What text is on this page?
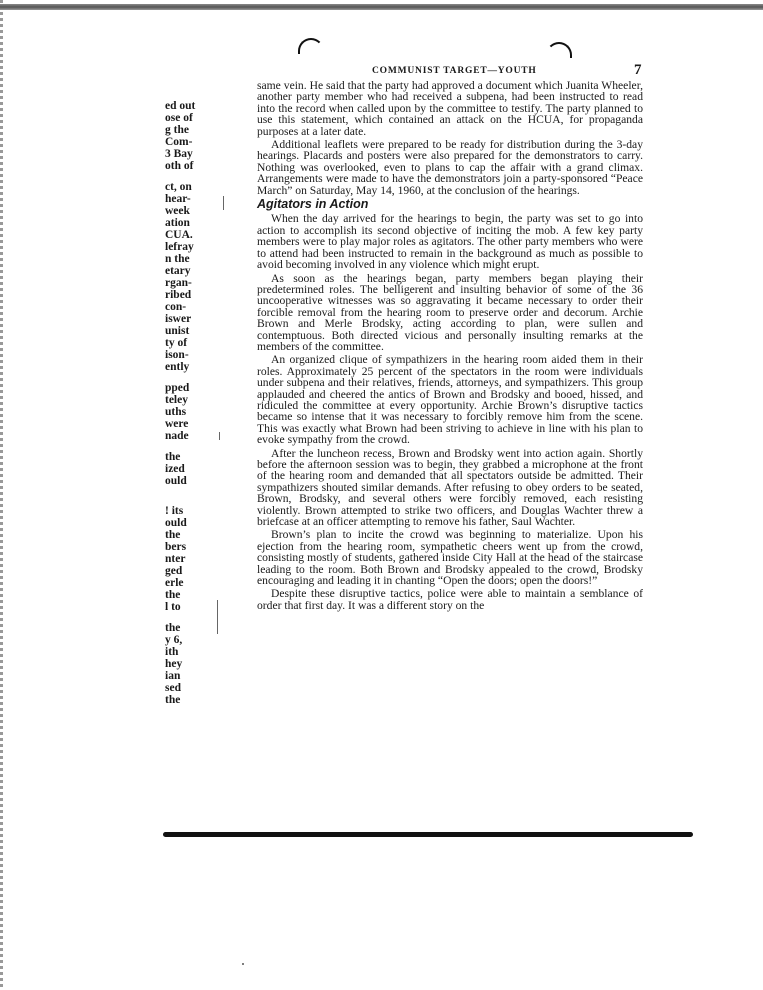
COMMUNIST TARGET—YOUTH	7
ed out
ose of
g the
Com-
3 Bay
oth of
ct, on
hear-
week
ation
CUA.
lefray
n the
etary
rgan-
ribed
con-
iswer
unist
ty of
ison-
ently
pped
teley
uths
were
nade
the
ized
ould
! its
ould
the
bers
nter
ged
erle
the
l to
the
y 6,
ith
hey
ian
sed
the

same vein. He said that the party had approved a document which Juanita Wheeler, another party member who had received a subpena, had been instructed to read into the record when called upon by the committee to testify. The party planned to use this statement, which contained an attack on the HCUA, for propaganda purposes at a later date.

Additional leaflets were prepared to be ready for distribution during the 3-day hearings. Placards and posters were also prepared for the demonstrators to carry. Nothing was overlooked, even to plans to cap the affair with a grand climax. Arrangements were made to have the demonstrators join a party-sponsored “Peace March” on Saturday, May 14, 1960, at the conclusion of the hearings.

Agitators in Action

When the day arrived for the hearings to begin, the party was set to go into action to accomplish its second objective of inciting the mob. A few key party members were to play major roles as agitators. The other party members who were to attend had been instructed to remain in the background as much as possible to avoid becoming involved in any violence which might erupt.

As soon as the hearings began, party members began playing their predetermined roles. The belligerent and insulting behavior of some of the 36 uncooperative witnesses was so aggravating it became necessary to order their forcible removal from the hearing room to preserve order and decorum. Archie Brown and Merle Brodsky, acting according to plan, were sullen and contemptuous. Both directed vicious and personally insulting remarks at the members of the committee.

An organized clique of sympathizers in the hearing room aided them in their roles. Approximately 25 percent of the spectators in the room were individuals under subpena and their relatives, friends, attorneys, and sympathizers. This group applauded and cheered the antics of Brown and Brodsky and booed, hissed, and ridiculed the committee at every opportunity. Archie Brown’s disruptive tactics became so intense that it was necessary to forcibly remove him from the scene. This was exactly what Brown had been striving to achieve in line with his plan to evoke sympathy from the crowd.

After the luncheon recess, Brown and Brodsky went into action again. Shortly before the afternoon session was to begin, they grabbed a microphone at the front of the hearing room and demanded that all spectators outside be admitted. Their sympathizers shouted similar demands. After refusing to obey orders to be seated, Brown, Brodsky, and several others were forcibly removed, each resisting violently. Brown attempted to strike two officers, and Douglas Wachter threw a briefcase at an officer attempting to remove his father, Saul Wachter.

Brown’s plan to incite the crowd was beginning to materialize. Upon his ejection from the hearing room, sympathetic cheers went up from the crowd, consisting mostly of students, gathered inside City Hall at the head of the staircase leading to the room. Both Brown and Brodsky appealed to the crowd, Brodsky encouraging and leading it in chanting “Open the doors; open the doors!”

Despite these disruptive tactics, police were able to maintain a semblance of order that first day. It was a different story on the
